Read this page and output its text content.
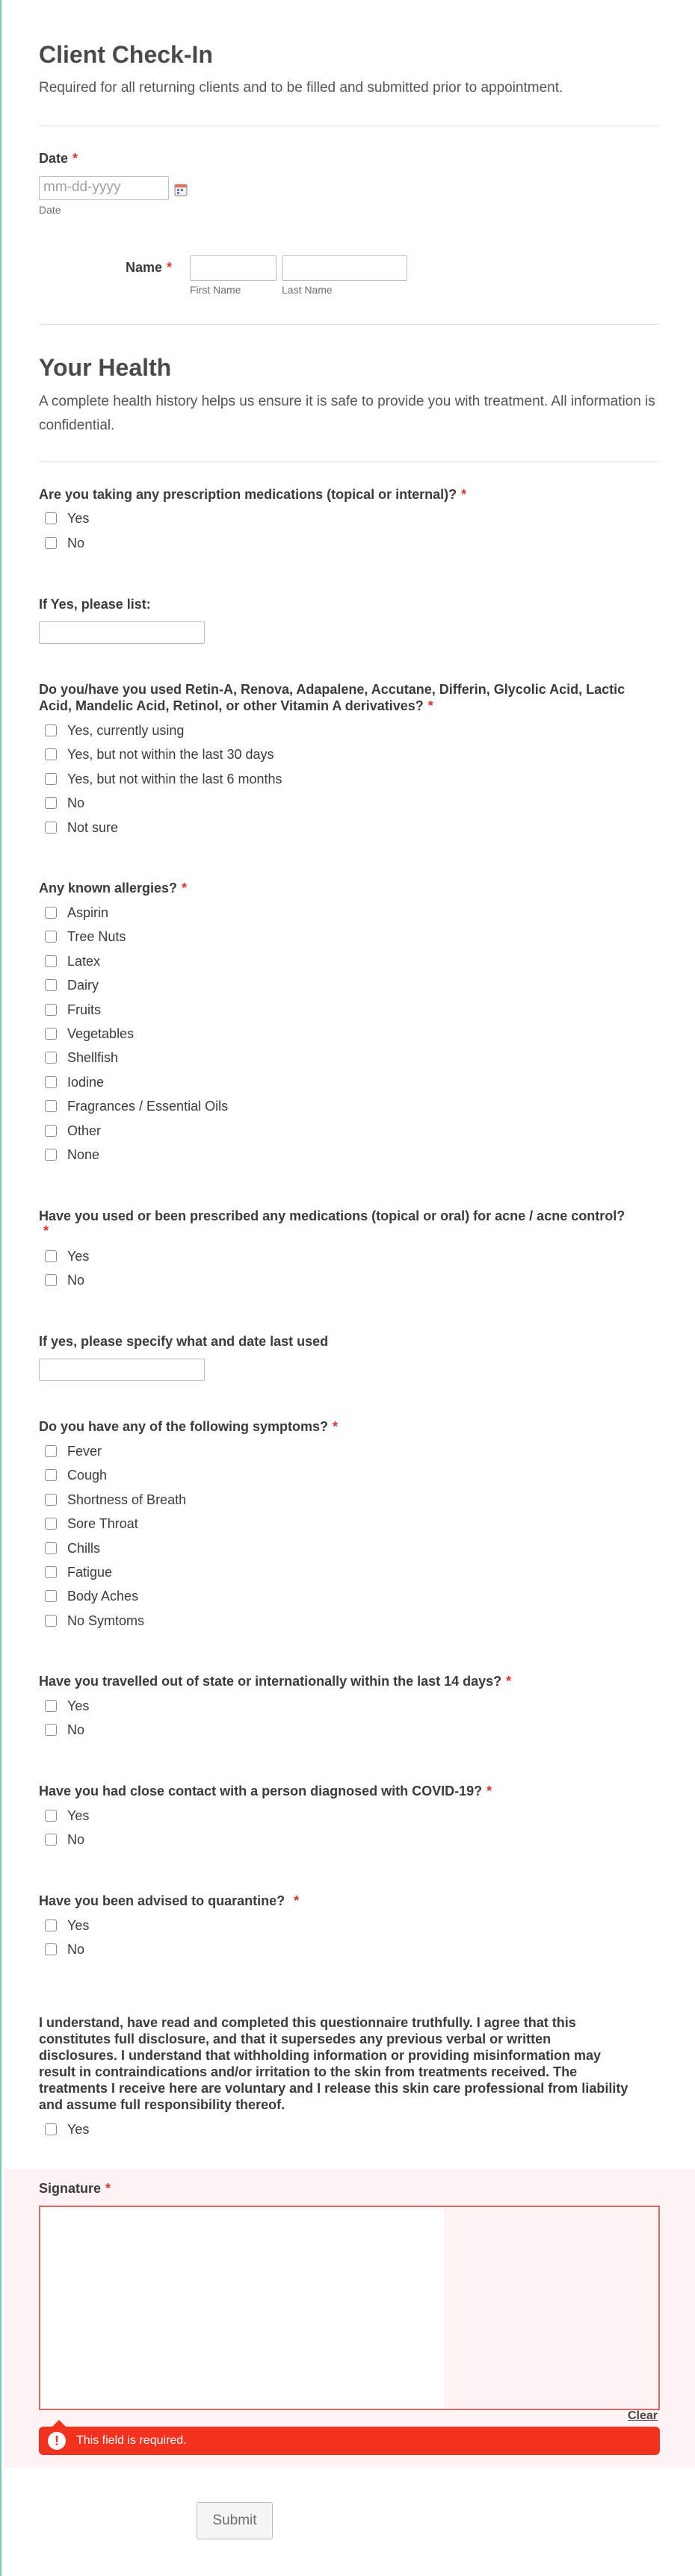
Client Check-In
Required for all returning clients and to be filled and submitted prior to appointment.
Date *
mm-dd-yyyy
Date
Name *
First Name	Last Name
Your Health
A complete health history helps us ensure it is safe to provide you with treatment. All information is confidential.
Are you taking any prescription medications (topical or internal)? *
Yes
No
If Yes, please list:
Do you/have you used Retin-A, Renova, Adapalene, Accutane, Differin, Glycolic Acid, Lactic
Acid, Mandelic Acid, Retinol, or other Vitamin A derivatives? *
Yes, currently using
Yes, but not within the last 30 days
Yes, but not within the last 6 months
No
Not sure
Any known allergies? *
Aspirin
Tree Nuts
Latex
Dairy
Fruits
Vegetables
Shellfish
Iodine
Fragrances / Essential Oils
Other
None
Have you used or been prescribed any medications (topical or oral) for acne / acne control?
*
Yes
No
If yes, please specify what and date last used
Do you have any of the following symptoms? *
Fever
Cough
Shortness of Breath
Sore Throat
Chills
Fatigue
Body Aches
No Symtoms
Have you travelled out of state or internationally within the last 14 days? *
Yes
No
Have you had close contact with a person diagnosed with COVID-19? *
Yes
No
Have you been advised to quarantine? *
Yes
No
I understand, have read and completed this questionnaire truthfully. I agree that this
constitutes full disclosure, and that it supersedes any previous verbal or written
disclosures. I understand that withholding information or providing misinformation may
result in contraindications and/or irritation to the skin from treatments received. The
treatments I receive here are voluntary and I release this skin care professional from liability
and assume full responsibility thereof.
Yes
Signature *
Clear
!	This field is required.
Submit
